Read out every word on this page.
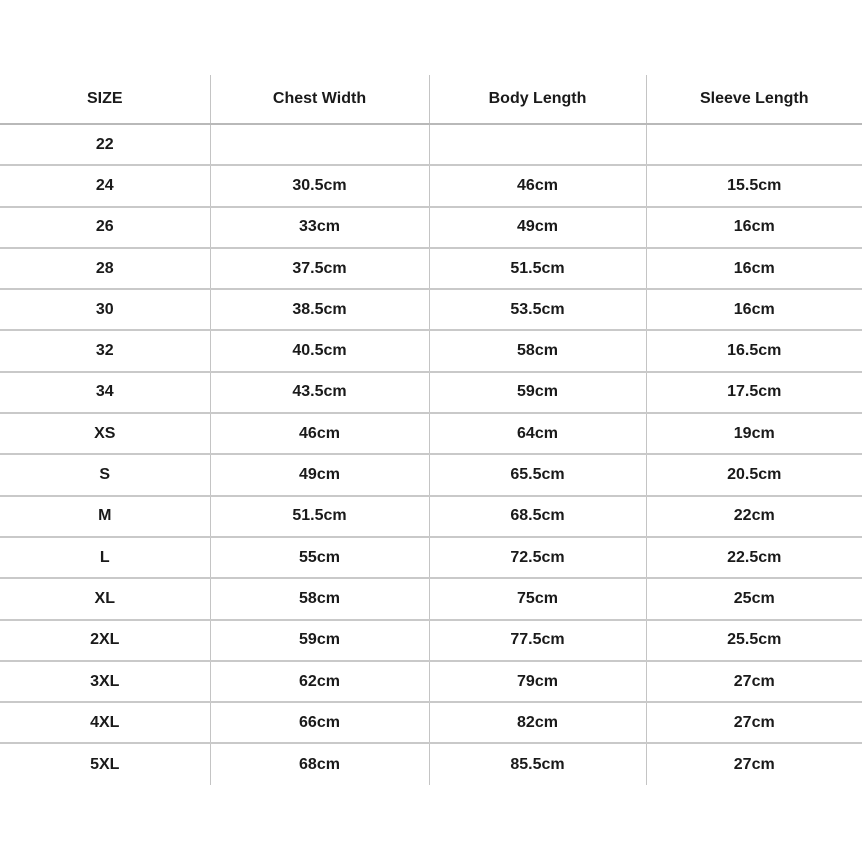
SIZE	Chest Width	Body Length	Sleeve Length
22			
24	30.5cm	46cm	15.5cm
26	33cm	49cm	16cm
28	37.5cm	51.5cm	16cm
30	38.5cm	53.5cm	16cm
32	40.5cm	58cm	16.5cm
34	43.5cm	59cm	17.5cm
XS	46cm	64cm	19cm
S	49cm	65.5cm	20.5cm
M	51.5cm	68.5cm	22cm
L	55cm	72.5cm	22.5cm
XL	58cm	75cm	25cm
2XL	59cm	77.5cm	25.5cm
3XL	62cm	79cm	27cm
4XL	66cm	82cm	27cm
5XL	68cm	85.5cm	27cm
